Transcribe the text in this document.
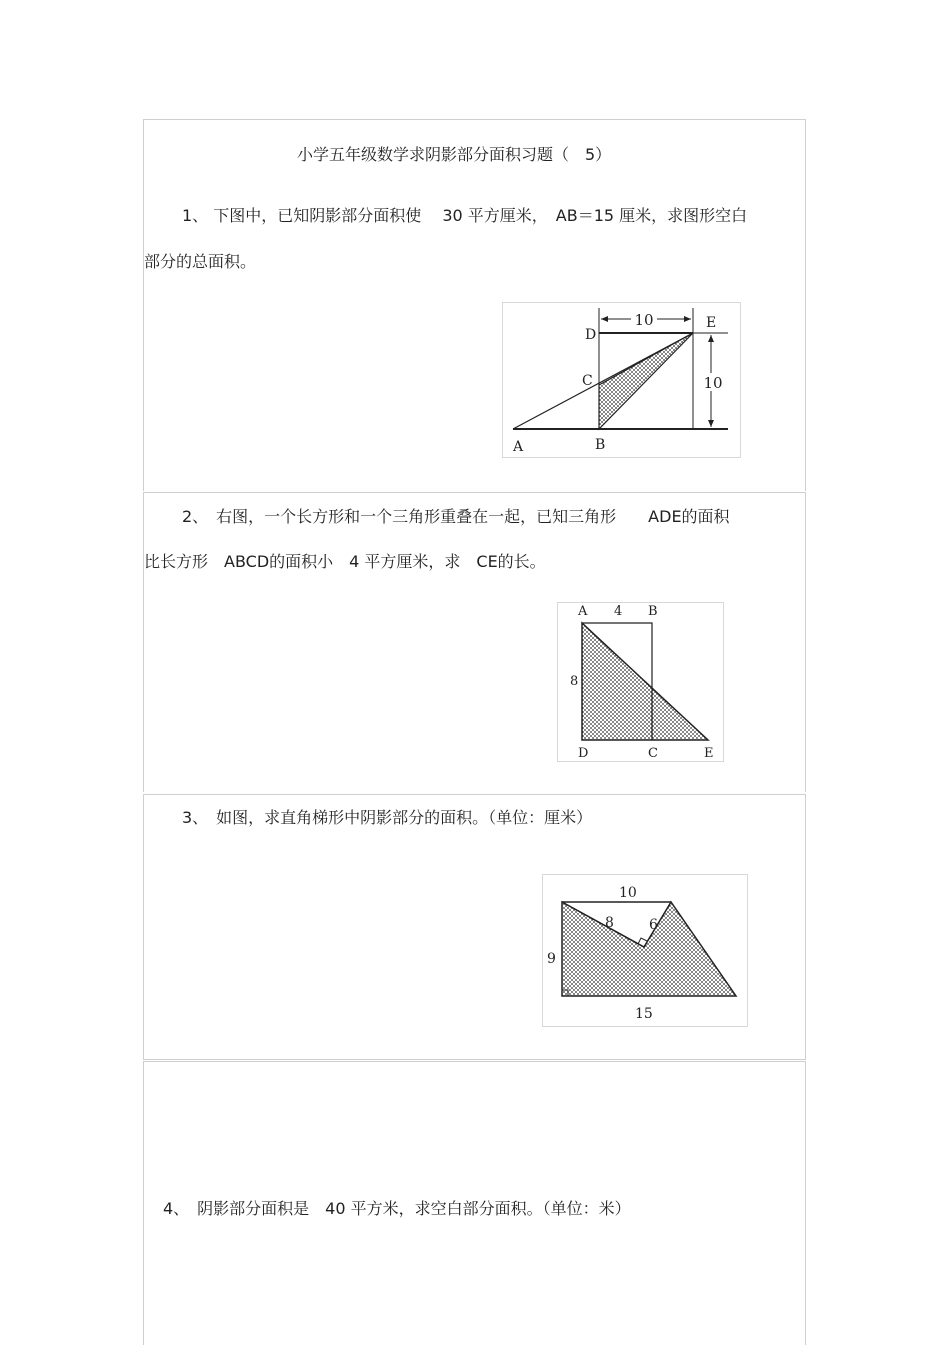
小学五年级数学求阴影部分面积习题（　5）
1、 下图中，已知阴影部分面积使　 30 平方厘米，　AB＝15 厘米，求图形空白
部分的总面积。
10
10
D
E
C
A	B
2、　右图，一个长方形和一个三角形重叠在一起，已知三角形　　ADE的面积
比长方形　ABCD的面积小　4 平方厘米，求　CE的长。
A 4 B
8
D	C	E
3、　如图，求直角梯形中阴影部分的面积。（单位：厘米）
10
8	6
9
15
4、　阴影部分面积是　40 平方米，求空白部分面积。（单位：米）
